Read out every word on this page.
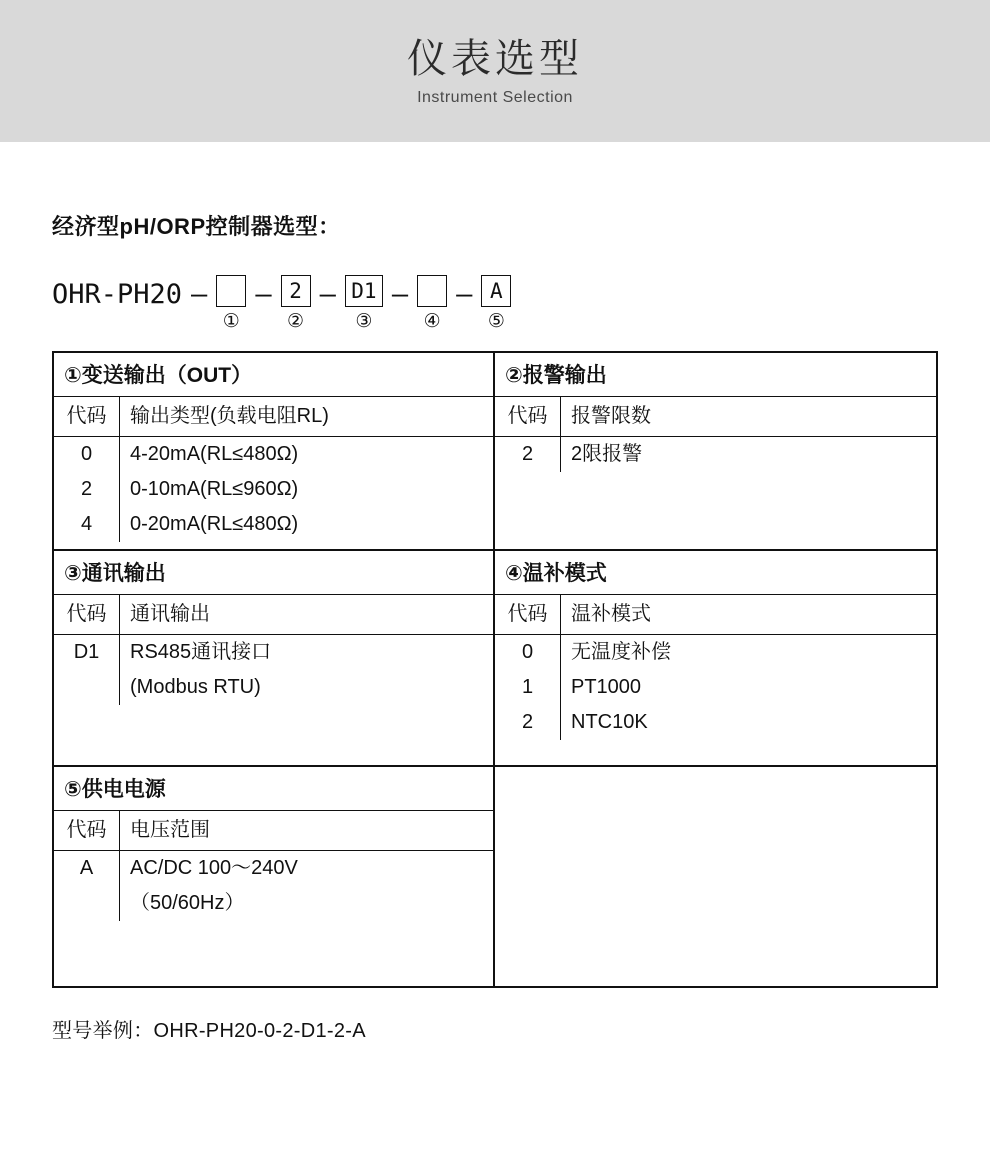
仪表选型
Instrument Selection
经济型pH/ORP控制器选型：
OHR-PH20 —
①
— 2
②
— D1
③
—
④
— A
⑤
①变送输出（OUT）
代码	输出类型(负载电阻RL)
0	4-20mA(RL≤480Ω)
2	0-10mA(RL≤960Ω)
4	0-20mA(RL≤480Ω)
②报警输出
代码	报警限数
2	2限报警
③通讯输出
代码	通讯输出
D1	RS485通讯接口
(Modbus RTU)
④温补模式
代码	温补模式
0	无温度补偿
1	PT1000
2	NTC10K
⑤供电电源
代码	电压范围
A	AC/DC 100～240V
（50/60Hz）
型号举例：OHR-PH20-0-2-D1-2-A
